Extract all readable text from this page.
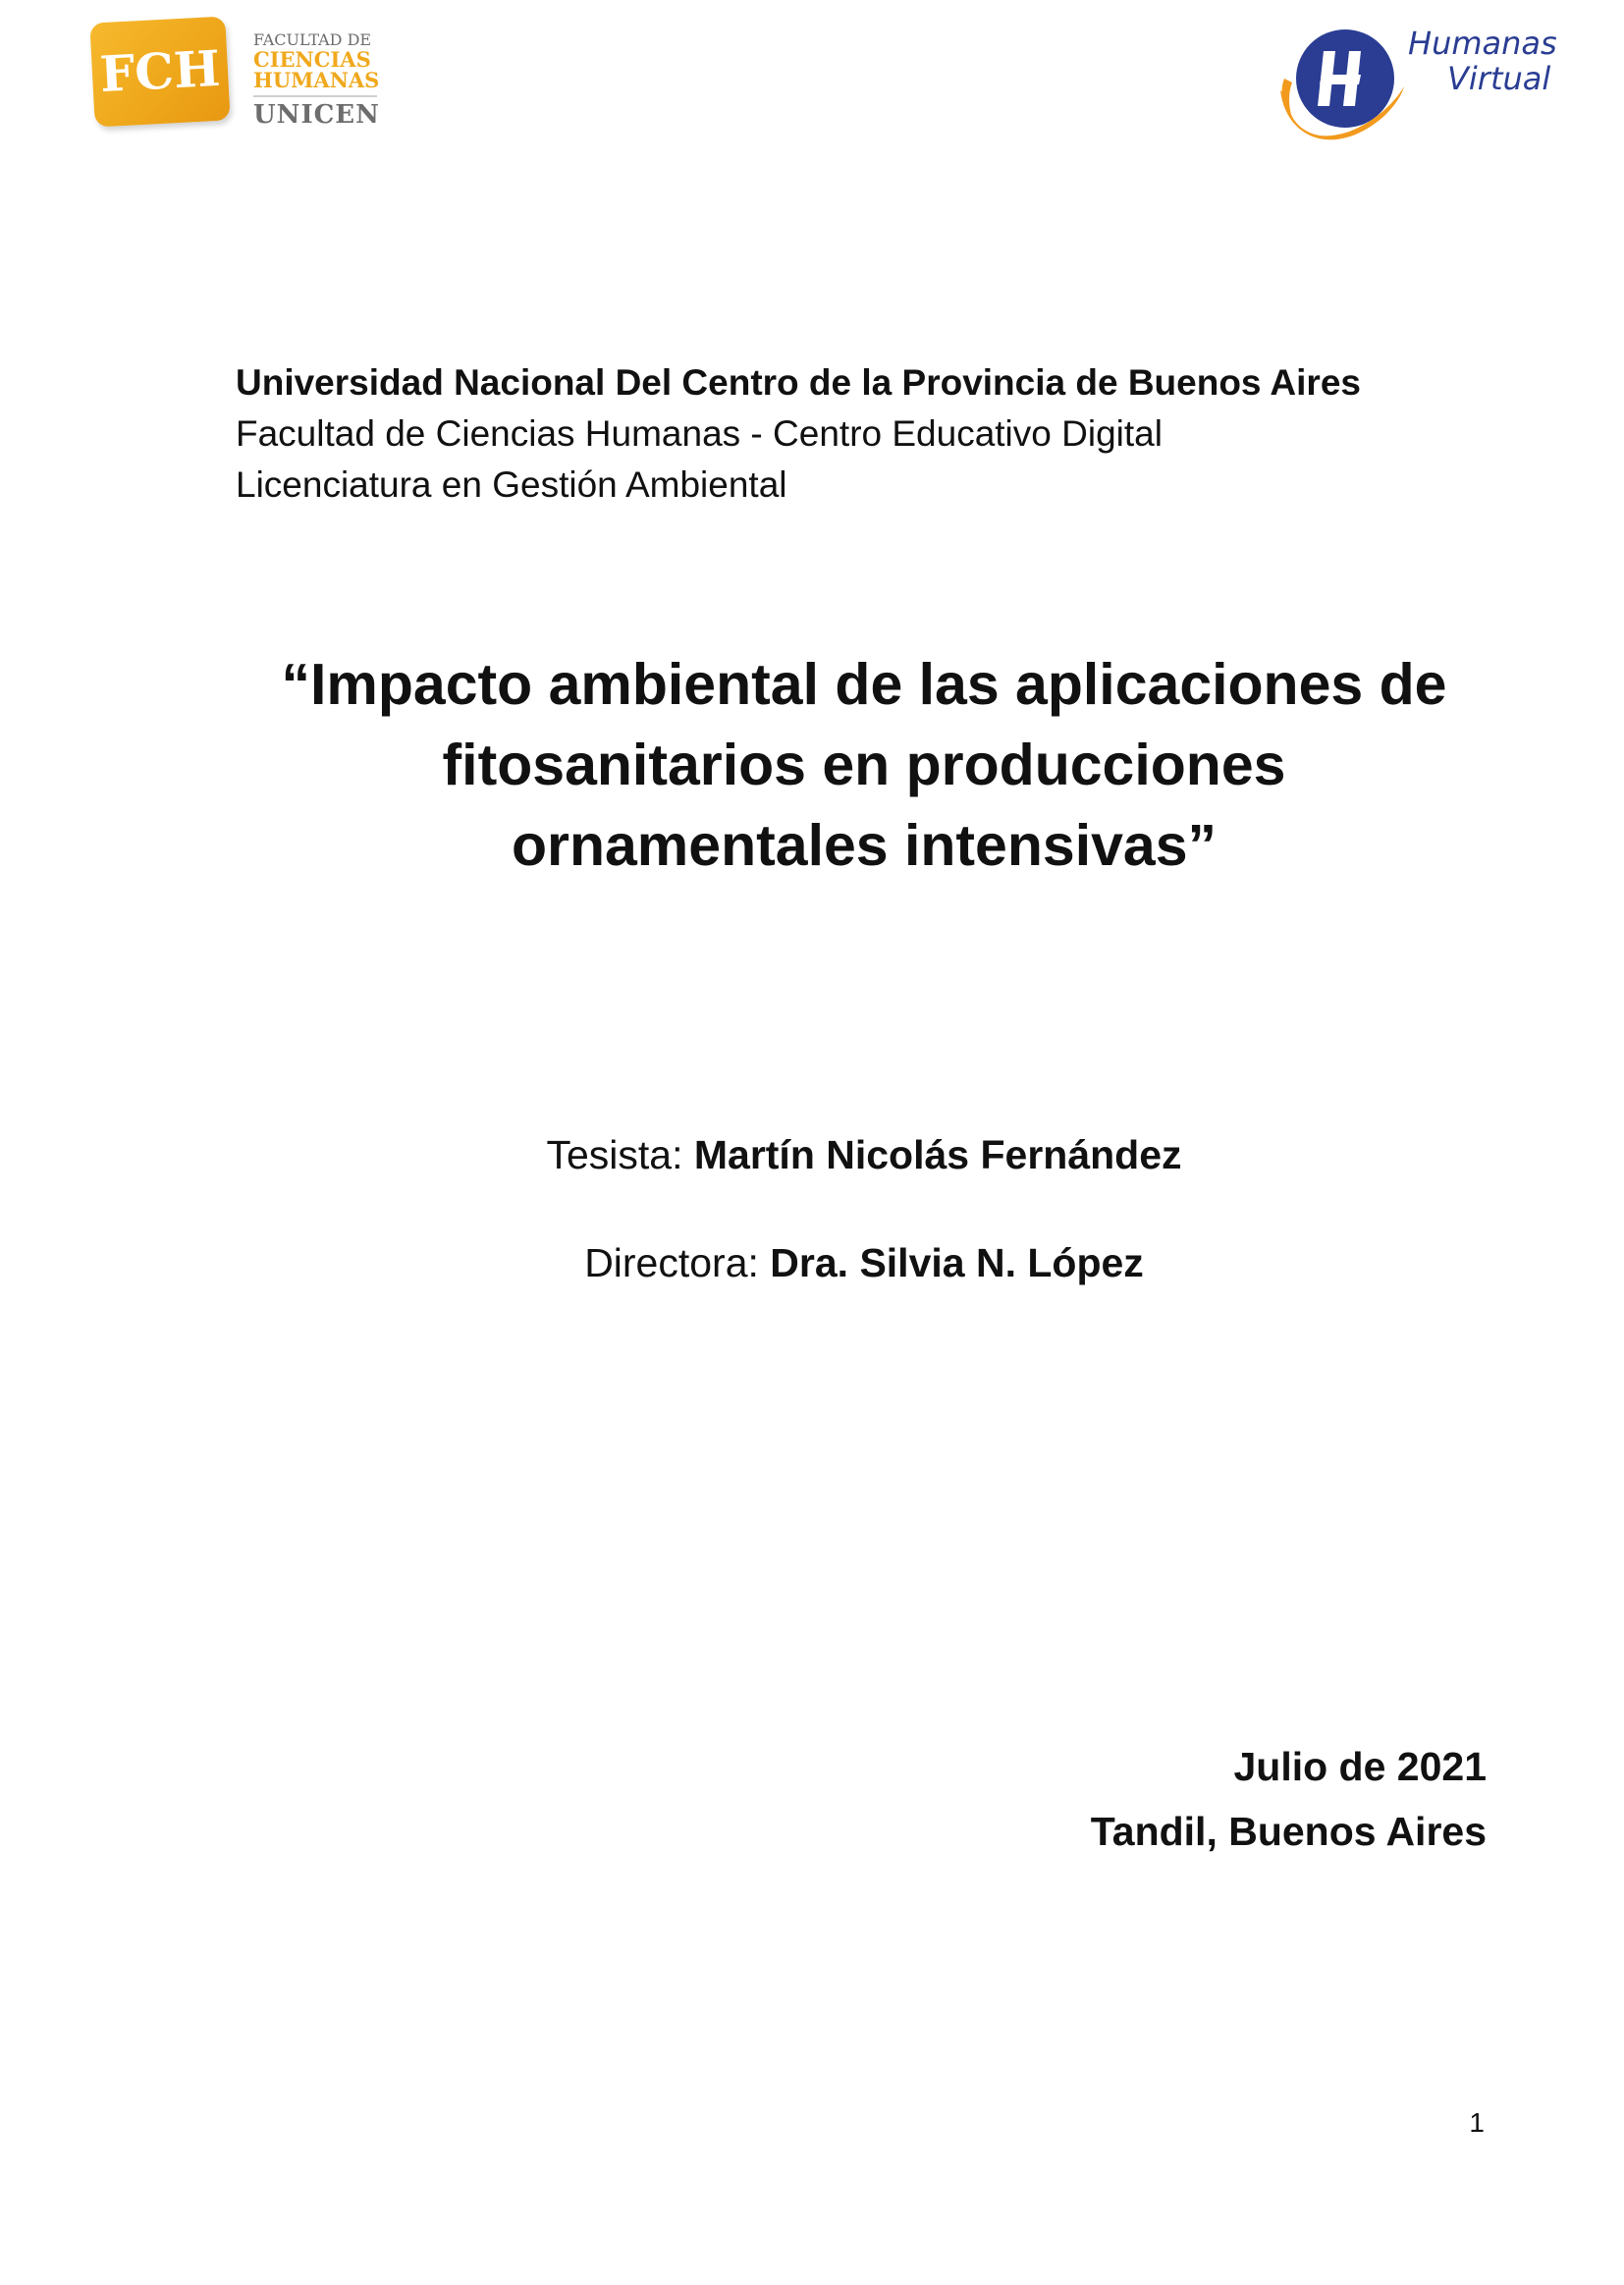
FCH FACULTAD DE
CIENCIAS
HUMANAS
UNICEN
Humanas
Virtual
Universidad Nacional Del Centro de la Provincia de Buenos Aires
Facultad de Ciencias Humanas - Centro Educativo Digital
Licenciatura en Gestión Ambiental
“Impacto ambiental de las aplicaciones de
fitosanitarios en producciones
ornamentales intensivas”
Tesista: Martín Nicolás Fernández
Directora: Dra. Silvia N. López
Julio de 2021
Tandil, Buenos Aires
1
